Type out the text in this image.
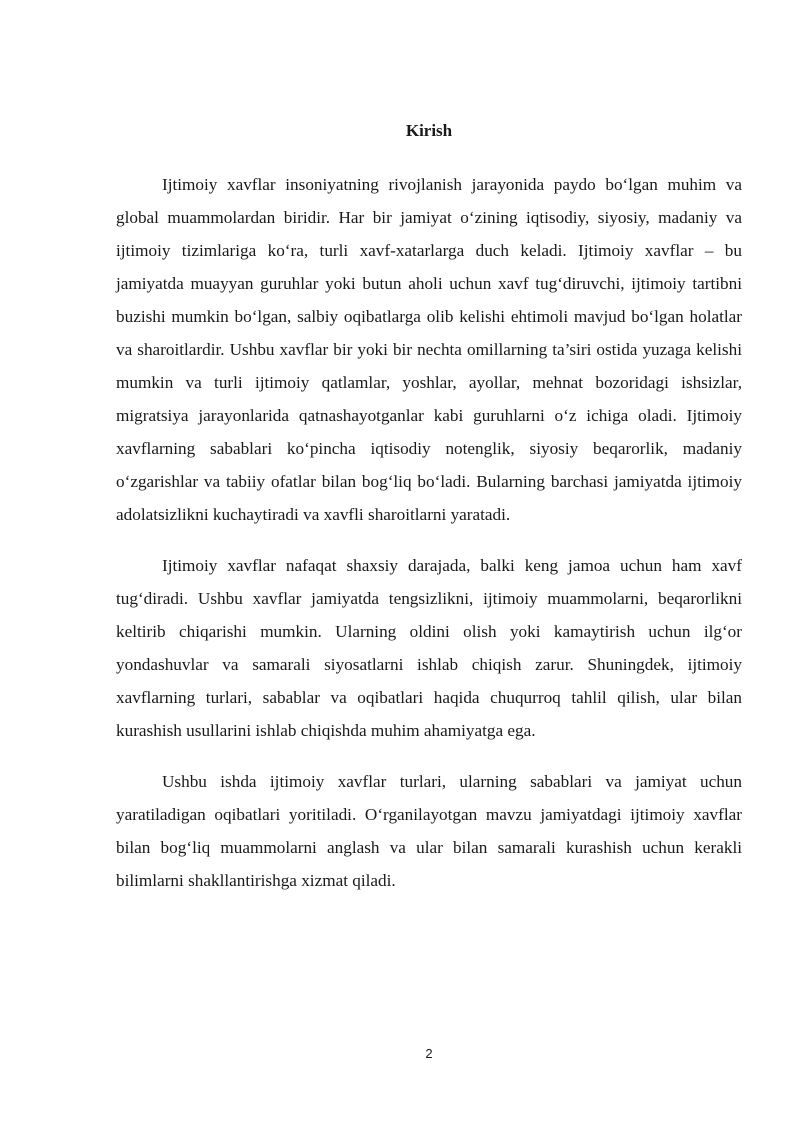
Kirish

Ijtimoiy xavflar insoniyatning rivojlanish jarayonida paydo bo‘lgan muhim va global muammolardan biridir. Har bir jamiyat o‘zining iqtisodiy, siyosiy, madaniy va ijtimoiy tizimlariga ko‘ra, turli xavf-xatarlarga duch keladi. Ijtimoiy xavflar – bu jamiyatda muayyan guruhlar yoki butun aholi uchun xavf tug‘diruvchi, ijtimoiy tartibni buzishi mumkin bo‘lgan, salbiy oqibatlarga olib kelishi ehtimoli mavjud bo‘lgan holatlar va sharoitlardir. Ushbu xavflar bir yoki bir nechta omillarning ta’siri ostida yuzaga kelishi mumkin va turli ijtimoiy qatlamlar, yoshlar, ayollar, mehnat bozoridagi ishsizlar, migratsiya jarayonlarida qatnashayotganlar kabi guruhlarni o‘z ichiga oladi. Ijtimoiy xavflarning sabablari ko‘pincha iqtisodiy notenglik, siyosiy beqarorlik, madaniy o‘zgarishlar va tabiiy ofatlar bilan bog‘liq bo‘ladi. Bularning barchasi jamiyatda ijtimoiy adolatsizlikni kuchaytiradi va xavfli sharoitlarni yaratadi.

Ijtimoiy xavflar nafaqat shaxsiy darajada, balki keng jamoa uchun ham xavf tug‘diradi. Ushbu xavflar jamiyatda tengsizlikni, ijtimoiy muammolarni, beqarorlikni keltirib chiqarishi mumkin. Ularning oldini olish yoki kamaytirish uchun ilg‘or yondashuvlar va samarali siyosatlarni ishlab chiqish zarur. Shuningdek, ijtimoiy xavflarning turlari, sabablar va oqibatlari haqida chuqurroq tahlil qilish, ular bilan kurashish usullarini ishlab chiqishda muhim ahamiyatga ega.

Ushbu ishda ijtimoiy xavflar turlari, ularning sabablari va jamiyat uchun yaratiladigan oqibatlari yoritiladi. O‘rganilayotgan mavzu jamiyatdagi ijtimoiy xavflar bilan bog‘liq muammolarni anglash va ular bilan samarali kurashish uchun kerakli bilimlarni shakllantirishga xizmat qiladi.

2
